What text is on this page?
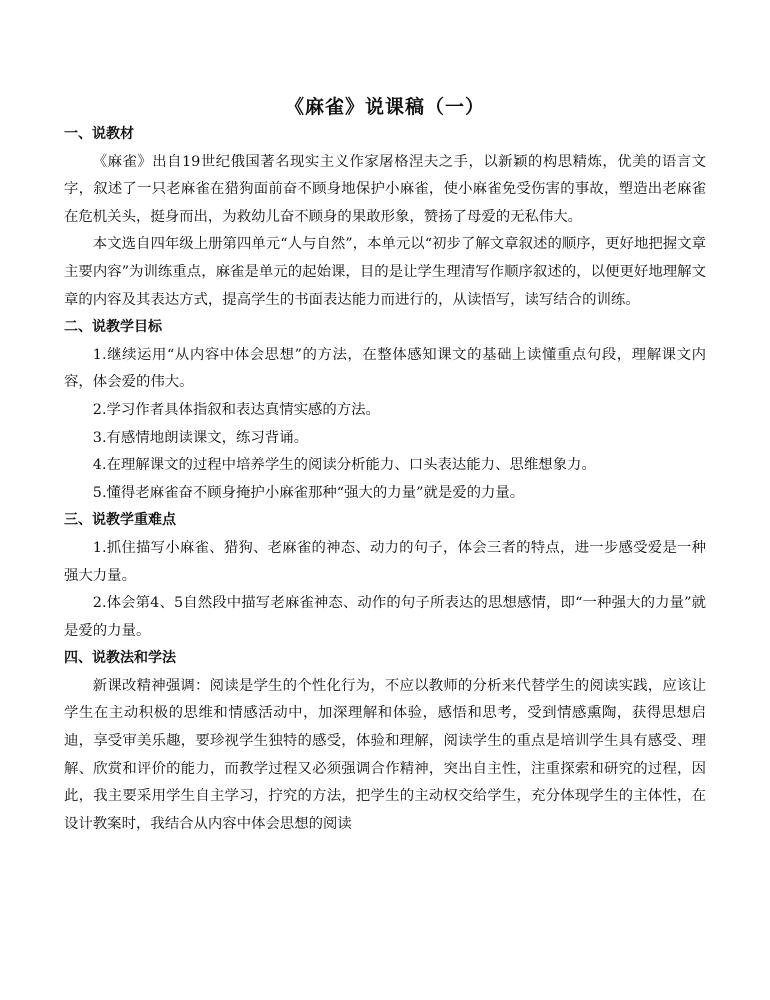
《麻雀》说课稿（一）

一、说教材

《麻雀》出自19世纪俄国著名现实主义作家屠格涅夫之手，以新颖的构思精炼，优美的语言文字，叙述了一只老麻雀在猎狗面前奋不顾身地保护小麻雀，使小麻雀免受伤害的事故，塑造出老麻雀在危机关头，挺身而出，为救幼儿奋不顾身的果敢形象，赞扬了母爱的无私伟大。

本文选自四年级上册第四单元“人与自然”，本单元以“初步了解文章叙述的顺序，更好地把握文章主要内容”为训练重点，麻雀是单元的起始课，目的是让学生理清写作顺序叙述的，以便更好地理解文章的内容及其表达方式，提高学生的书面表达能力而进行的，从读悟写，读写结合的训练。

二、说教学目标

1.继续运用“从内容中体会思想”的方法，在整体感知课文的基础上读懂重点句段，理解课文内容，体会爱的伟大。

2.学习作者具体指叙和表达真情实感的方法。

3.有感情地朗读课文，练习背诵。

4.在理解课文的过程中培养学生的阅读分析能力、口头表达能力、思维想象力。

5.懂得老麻雀奋不顾身掩护小麻雀那种“强大的力量”就是爱的力量。

三、说教学重难点

1.抓住描写小麻雀、猎狗、老麻雀的神态、动力的句子，体会三者的特点，进一步感受爱是一种强大力量。

2.体会第4、5自然段中描写老麻雀神态、动作的句子所表达的思想感情，即“一种强大的力量”就是爱的力量。

四、说教法和学法

新课改精神强调：阅读是学生的个性化行为，不应以教师的分析来代替学生的阅读实践，应该让学生在主动积极的思维和情感活动中，加深理解和体验，感悟和思考，受到情感熏陶，获得思想启迪，享受审美乐趣，要珍视学生独特的感受，体验和理解，阅读学生的重点是培训学生具有感受、理解、欣赏和评价的能力，而教学过程又必须强调合作精神，突出自主性，注重探索和研究的过程，因此，我主要采用学生自主学习，拧究的方法，把学生的主动权交给学生，充分体现学生的主体性，在设计教案时，我结合从内容中体会思想的阅读
